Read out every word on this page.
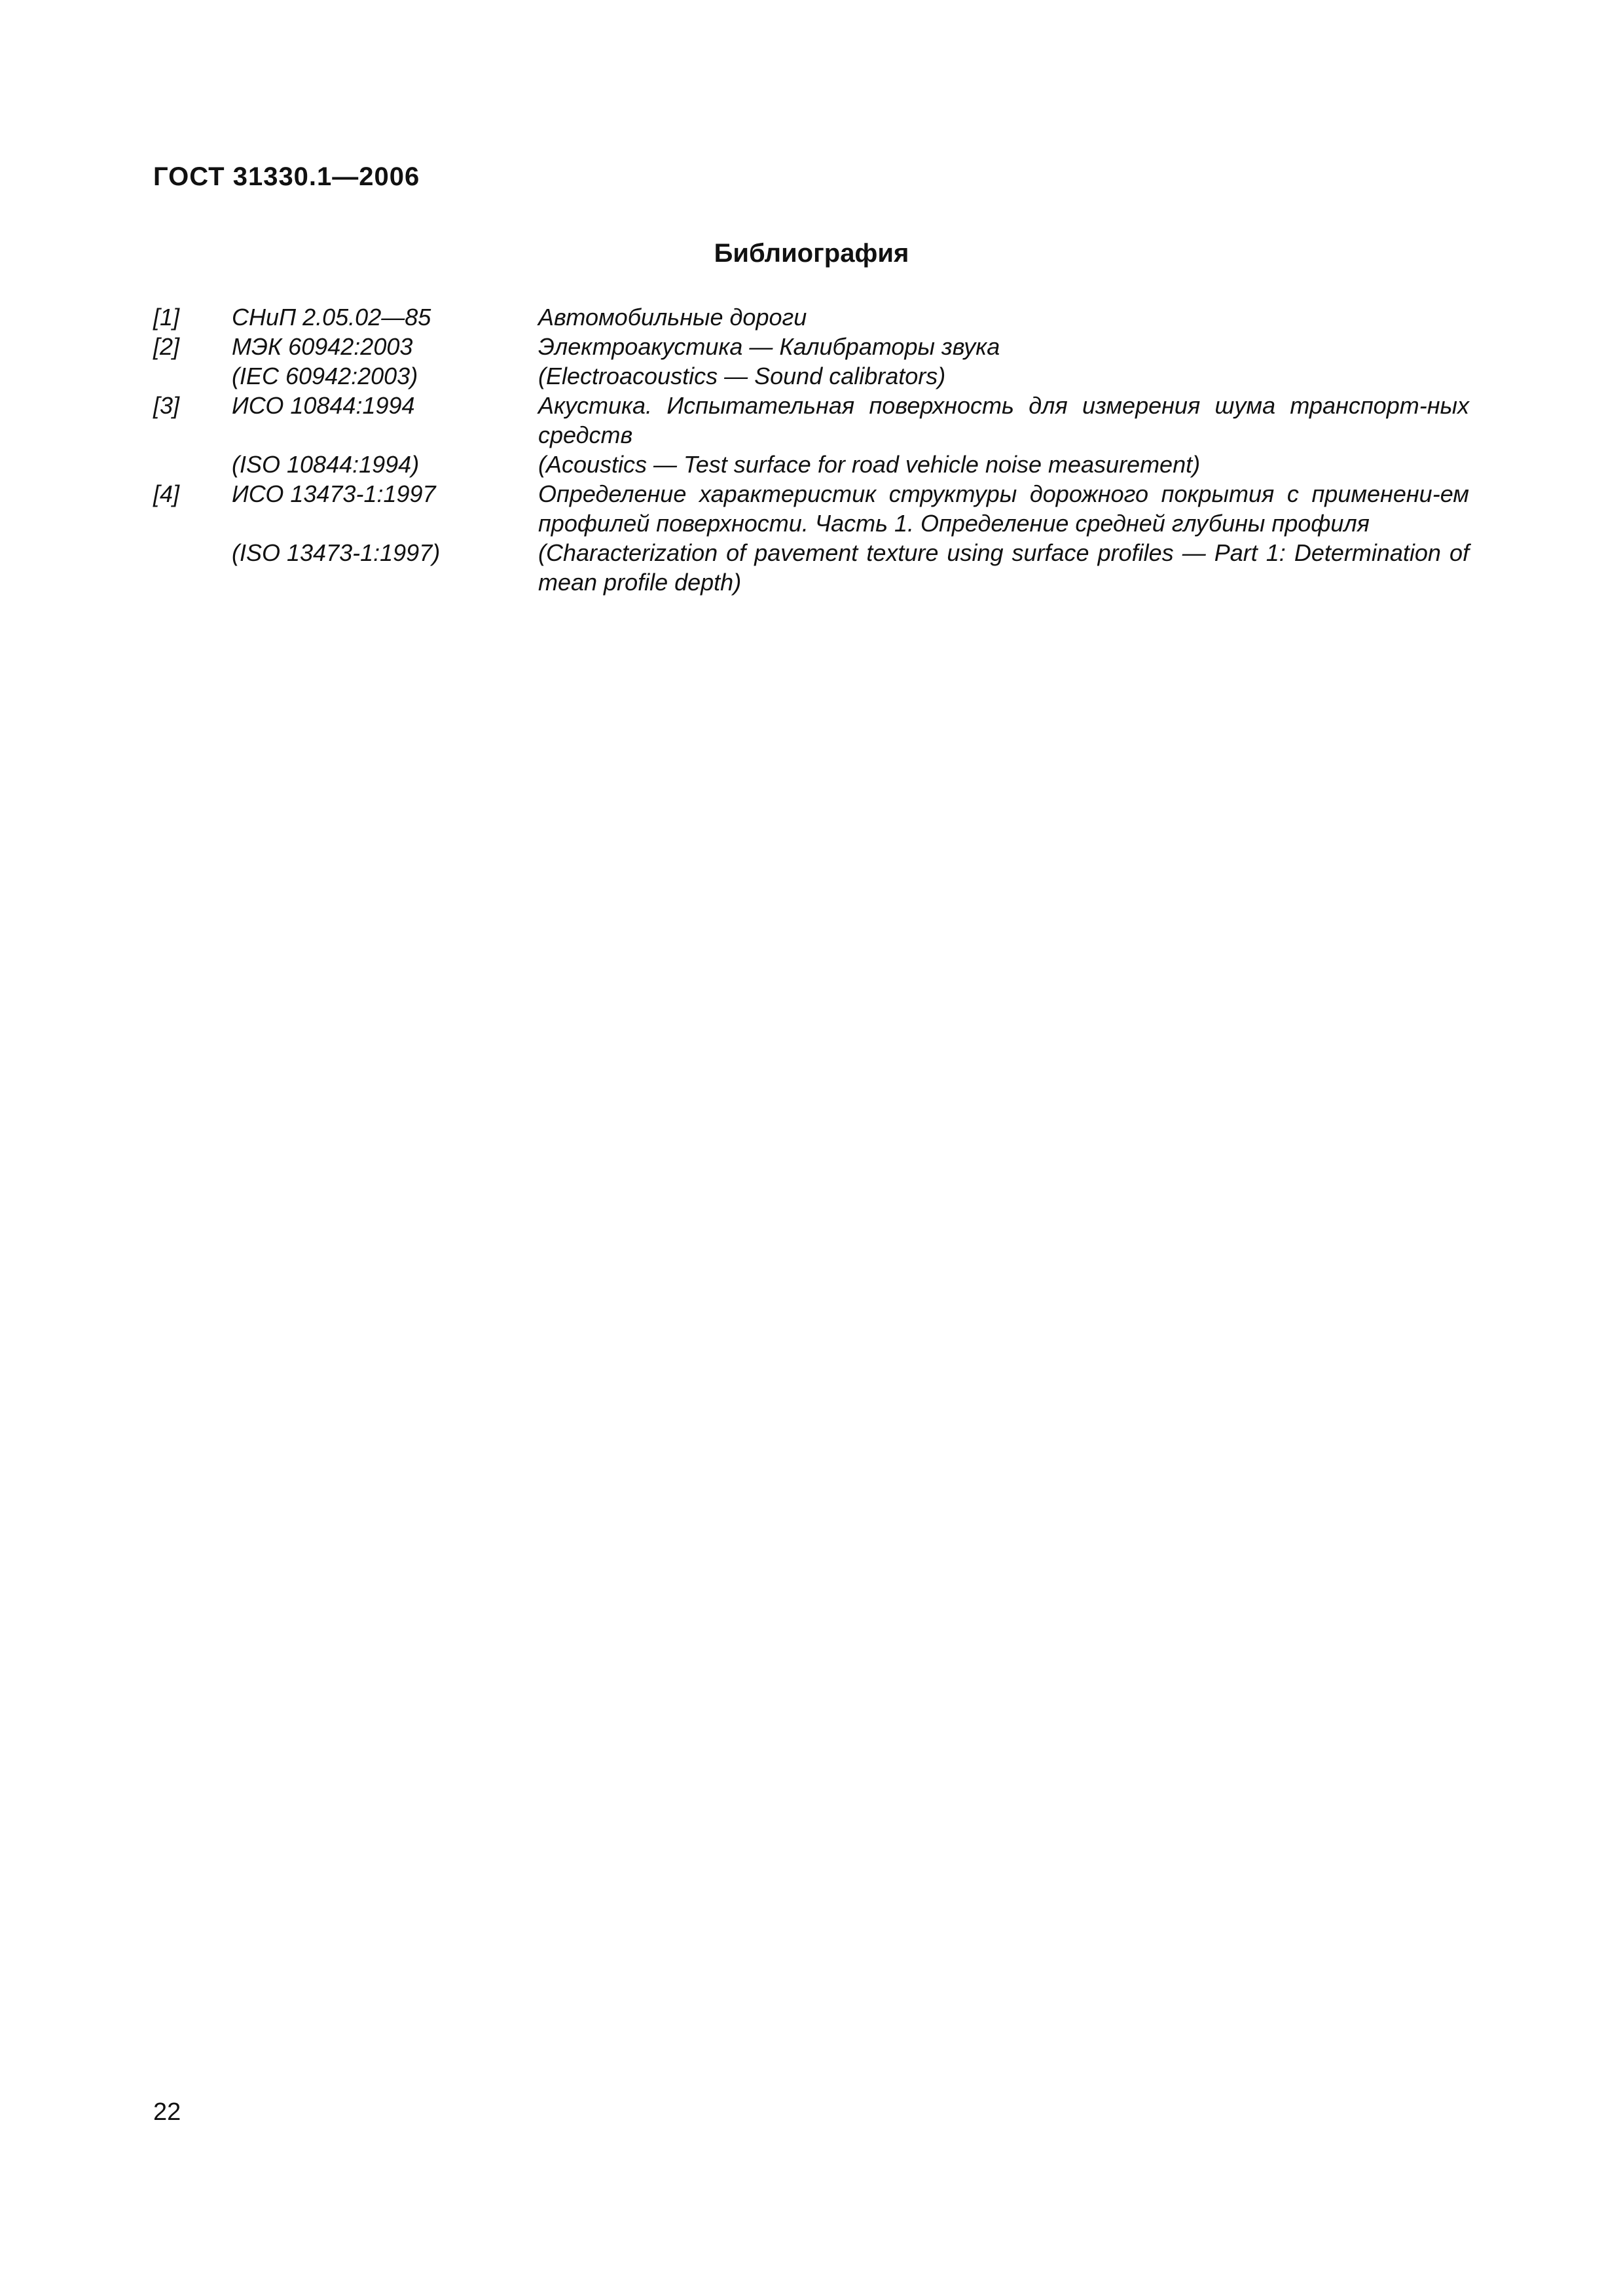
ГОСТ 31330.1—2006
Библиография
[1]	СНиП 2.05.02—85	Автомобильные дороги
[2]	МЭК 60942:2003	Электроакустика — Калибраторы звука
(IEC 60942:2003)	(Electroacoustics — Sound calibrators)
[3]	ИСО 10844:1994	Акустика. Испытательная поверхность для измерения шума транспорт-ных средств
(ISO 10844:1994)	(Acoustics — Test surface for road vehicle noise measurement)
[4]	ИСО 13473-1:1997	Определение характеристик структуры дорожного покрытия с применени-ем профилей поверхности. Часть 1. Определение средней глубины профиля
(ISO 13473-1:1997)	(Characterization of pavement texture using surface profiles — Part 1: Determination of mean profile depth)

22
